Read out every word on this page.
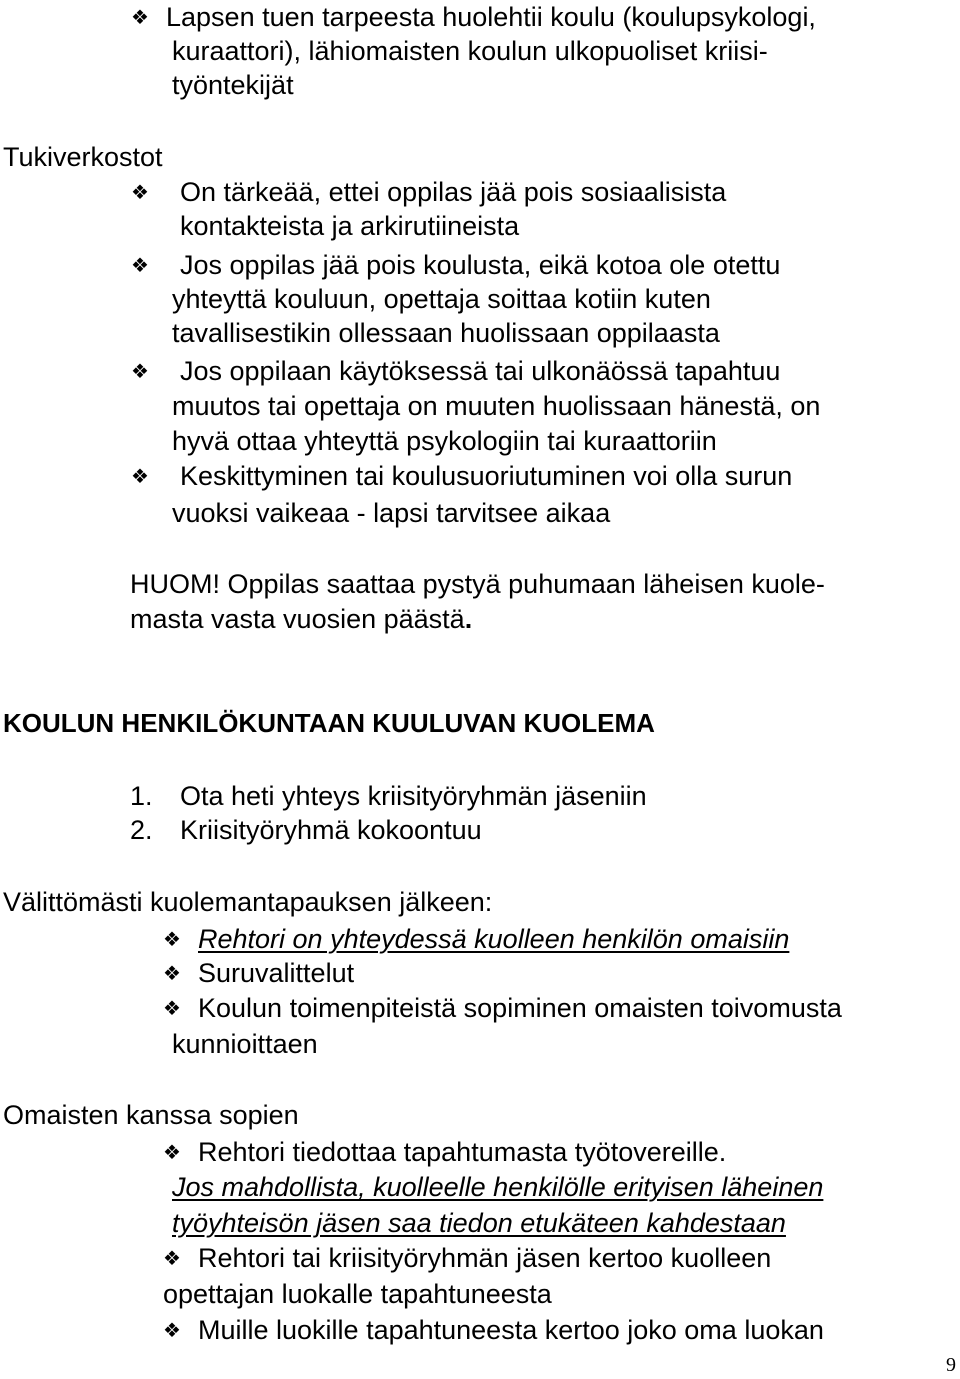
❖ Lapsen tuen tarpeesta huolehtii koulu (koulupsykologi,
kuraattori), lähiomaisten koulun ulkopuoliset kriisi-
työntekijät
Tukiverkostot
❖ On tärkeää, ettei oppilas jää pois sosiaalisista
kontakteista ja arkirutiineista
❖ Jos oppilas jää pois koulusta, eikä kotoa ole otettu
yhteyttä kouluun, opettaja soittaa kotiin kuten
tavallisestikin ollessaan huolissaan oppilaasta
❖ Jos oppilaan käytöksessä tai ulkonäössä tapahtuu
muutos tai opettaja on muuten huolissaan hänestä, on
hyvä ottaa yhteyttä psykologiin tai kuraattoriin
❖ Keskittyminen tai koulusuoriutuminen voi olla surun
vuoksi vaikeaa - lapsi tarvitsee aikaa
HUOM! Oppilas saattaa pystyä puhumaan läheisen kuole-
masta vasta vuosien päästä.
KOULUN HENKILÖKUNTAAN KUULUVAN KUOLEMA
1. Ota heti yhteys kriisityöryhmän jäseniin
2. Kriisityöryhmä kokoontuu
Välittömästi kuolemantapauksen jälkeen:
❖ Rehtori on yhteydessä kuolleen henkilön omaisiin
❖ Suruvalittelut
❖ Koulun toimenpiteistä sopiminen omaisten toivomusta
kunnioittaen
Omaisten kanssa sopien
❖ Rehtori tiedottaa tapahtumasta työtovereille.
Jos mahdollista, kuolleelle henkilölle erityisen läheinen
työyhteisön jäsen saa tiedon etukäteen kahdestaan
❖ Rehtori tai kriisityöryhmän jäsen kertoo kuolleen
opettajan luokalle tapahtuneesta
❖ Muille luokille tapahtuneesta kertoo joko oma luokan
9
